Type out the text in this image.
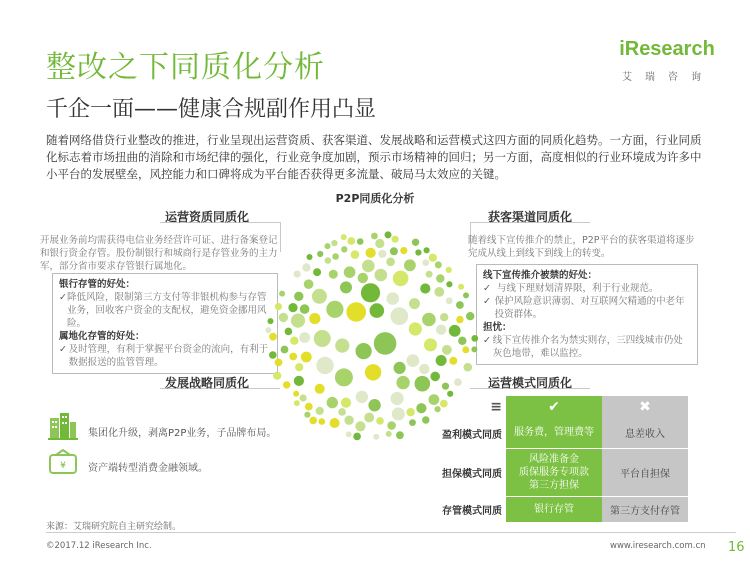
整改之下同质化分析
千企一面——健康合规副作用凸显
iResearch
艾瑞咨询
随着网络借贷行业整改的推进，行业呈现出运营资质、获客渠道、发展战略和运营模式这四方面的同质化趋势。一方面，行业同质化标志着市场扭曲的消除和市场纪律的强化，行业竞争度加剧，预示市场精神的回归；另一方面，高度相似的行业环境成为许多中小平台的发展壁垒，风控能力和口碑将成为平台能否获得更多流量、破局马太效应的关键。
P2P同质化分析
运营资质同质化
开展业务前均需获得电信业务经营许可证、进行备案登记和银行资金存管。股份制银行和城商行是存管业务的主力军，部分省市要求存管银行属地化。
银行存管的好处：
✓ 降低风险，限制第三方支付等非银机构参与存管业务，回收客户资金的支配权，避免资金挪用风险。
属地化存管的好处：
✓ 及时管理，有利于掌握平台资金的流向，有利于数据报送的监管管理。
获客渠道同质化
随着线下宣传推介的禁止，P2P平台的获客渠道将逐步完成从线上到线下到线上的转变。
线下宣传推介被禁的好处：
✓ 与线下理财划清界限，利于行业规范。
✓ 保护风险意识薄弱、对互联网欠精通的中老年投资群体。
担忧：
✓ 线下宣传推介名为禁实则存，三四线城市仍处灰色地带，难以监控。
发展战略同质化
集团化升级，剥离P2P业务，子品牌布局。
¥ 资产端转型消费金融领域。
运营模式同质化
≡	✔	✖
盈利模式同质	服务费，管理费等	息差收入
担保模式同质	风险准备金
质保服务专项款
第三方担保	平台自担保
存管模式同质	银行存管	第三方支付存管
来源：艾瑞研究院自主研究绘制。
©2017.12 iResearch Inc.	www.iresearch.com.cn 16
